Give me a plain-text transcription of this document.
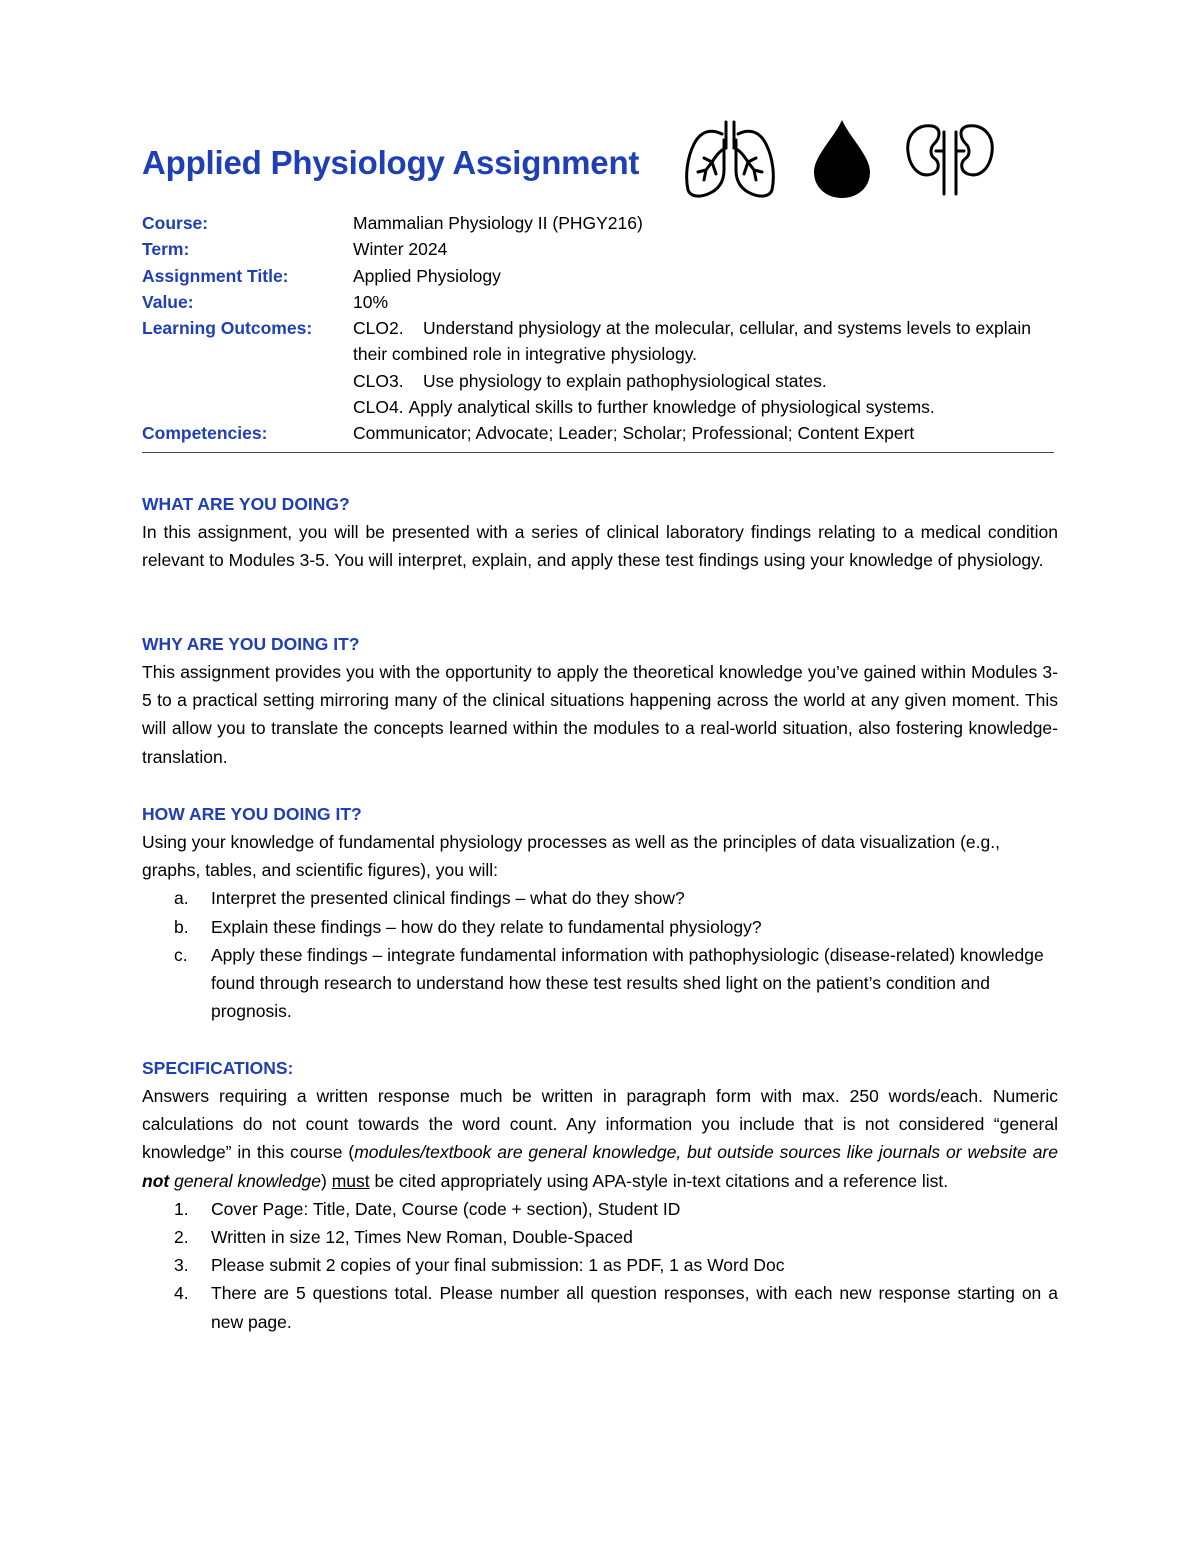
Applied Physiology Assignment
Course:	Mammalian Physiology II (PHGY216)
Term:	Winter 2024
Assignment Title:	Applied Physiology
Value:	10%
Learning Outcomes:	CLO2. Understand physiology at the molecular, cellular, and systems levels to explain their combined role in integrative physiology.
CLO3. Use physiology to explain pathophysiological states.
CLO4. Apply analytical skills to further knowledge of physiological systems.
Competencies:	Communicator; Advocate; Leader; Scholar; Professional; Content Expert
WHAT ARE YOU DOING?
In this assignment, you will be presented with a series of clinical laboratory findings relating to a medical condition relevant to Modules 3-5. You will interpret, explain, and apply these test findings using your knowledge of physiology.
WHY ARE YOU DOING IT?
This assignment provides you with the opportunity to apply the theoretical knowledge you’ve gained within Modules 3-5 to a practical setting mirroring many of the clinical situations happening across the world at any given moment. This will allow you to translate the concepts learned within the modules to a real-world situation, also fostering knowledge-translation.
HOW ARE YOU DOING IT?
Using your knowledge of fundamental physiology processes as well as the principles of data visualization (e.g., graphs, tables, and scientific figures), you will:
a.	Interpret the presented clinical findings – what do they show?
b.	Explain these findings – how do they relate to fundamental physiology?
c.	Apply these findings – integrate fundamental information with pathophysiologic (disease-related) knowledge found through research to understand how these test results shed light on the patient’s condition and prognosis.
SPECIFICATIONS:
Answers requiring a written response much be written in paragraph form with max. 250 words/each. Numeric calculations do not count towards the word count. Any information you include that is not considered “general knowledge” in this course (modules/textbook are general knowledge, but outside sources like journals or website are not general knowledge) must be cited appropriately using APA-style in-text citations and a reference list.
1.	Cover Page: Title, Date, Course (code + section), Student ID
2.	Written in size 12, Times New Roman, Double-Spaced
3.	Please submit 2 copies of your final submission: 1 as PDF, 1 as Word Doc
4.	There are 5 questions total. Please number all question responses, with each new response starting on a new page.
